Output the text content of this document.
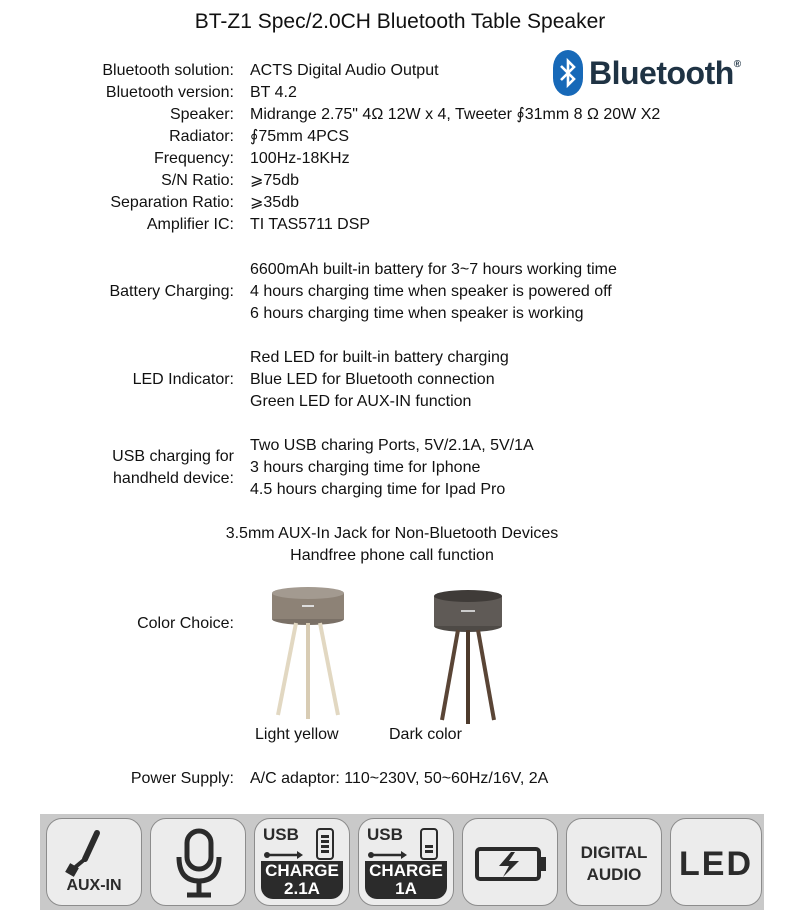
BT-Z1 Spec/2.0CH Bluetooth Table Speaker
Bluetooth®
Bluetooth solution: ACTS Digital Audio Output
Bluetooth version: BT 4.2
Speaker: Midrange 2.75" 4Ω 12W x 4, Tweeter ∮31mm 8 Ω 20W X2
Radiator: ∮75mm 4PCS
Frequency: 100Hz-18KHz
S/N Ratio: ⩾75db
Separation Ratio: ⩾35db
Amplifier IC: TI TAS5711 DSP
Battery Charging:
6600mAh built-in battery for 3~7 hours working time
4 hours charging time when speaker is powered off
6 hours charging time when speaker is working
LED Indicator:
Red LED for built-in battery charging
Blue LED for Bluetooth connection
Green LED for AUX-IN function
USB charging for
handheld device:
Two USB charing Ports, 5V/2.1A, 5V/1A
3 hours charging time for Iphone
4.5 hours charging time for Ipad Pro
3.5mm AUX-In Jack for Non-Bluetooth Devices
Handfree phone call function
Color Choice:
Light yellow	Dark color
Power Supply: A/C adaptor: 110~230V, 50~60Hz/16V, 2A
AUX-IN
USB
CHARGE
2.1A
USB
CHARGE
1A
DIGITAL
AUDIO	LED
